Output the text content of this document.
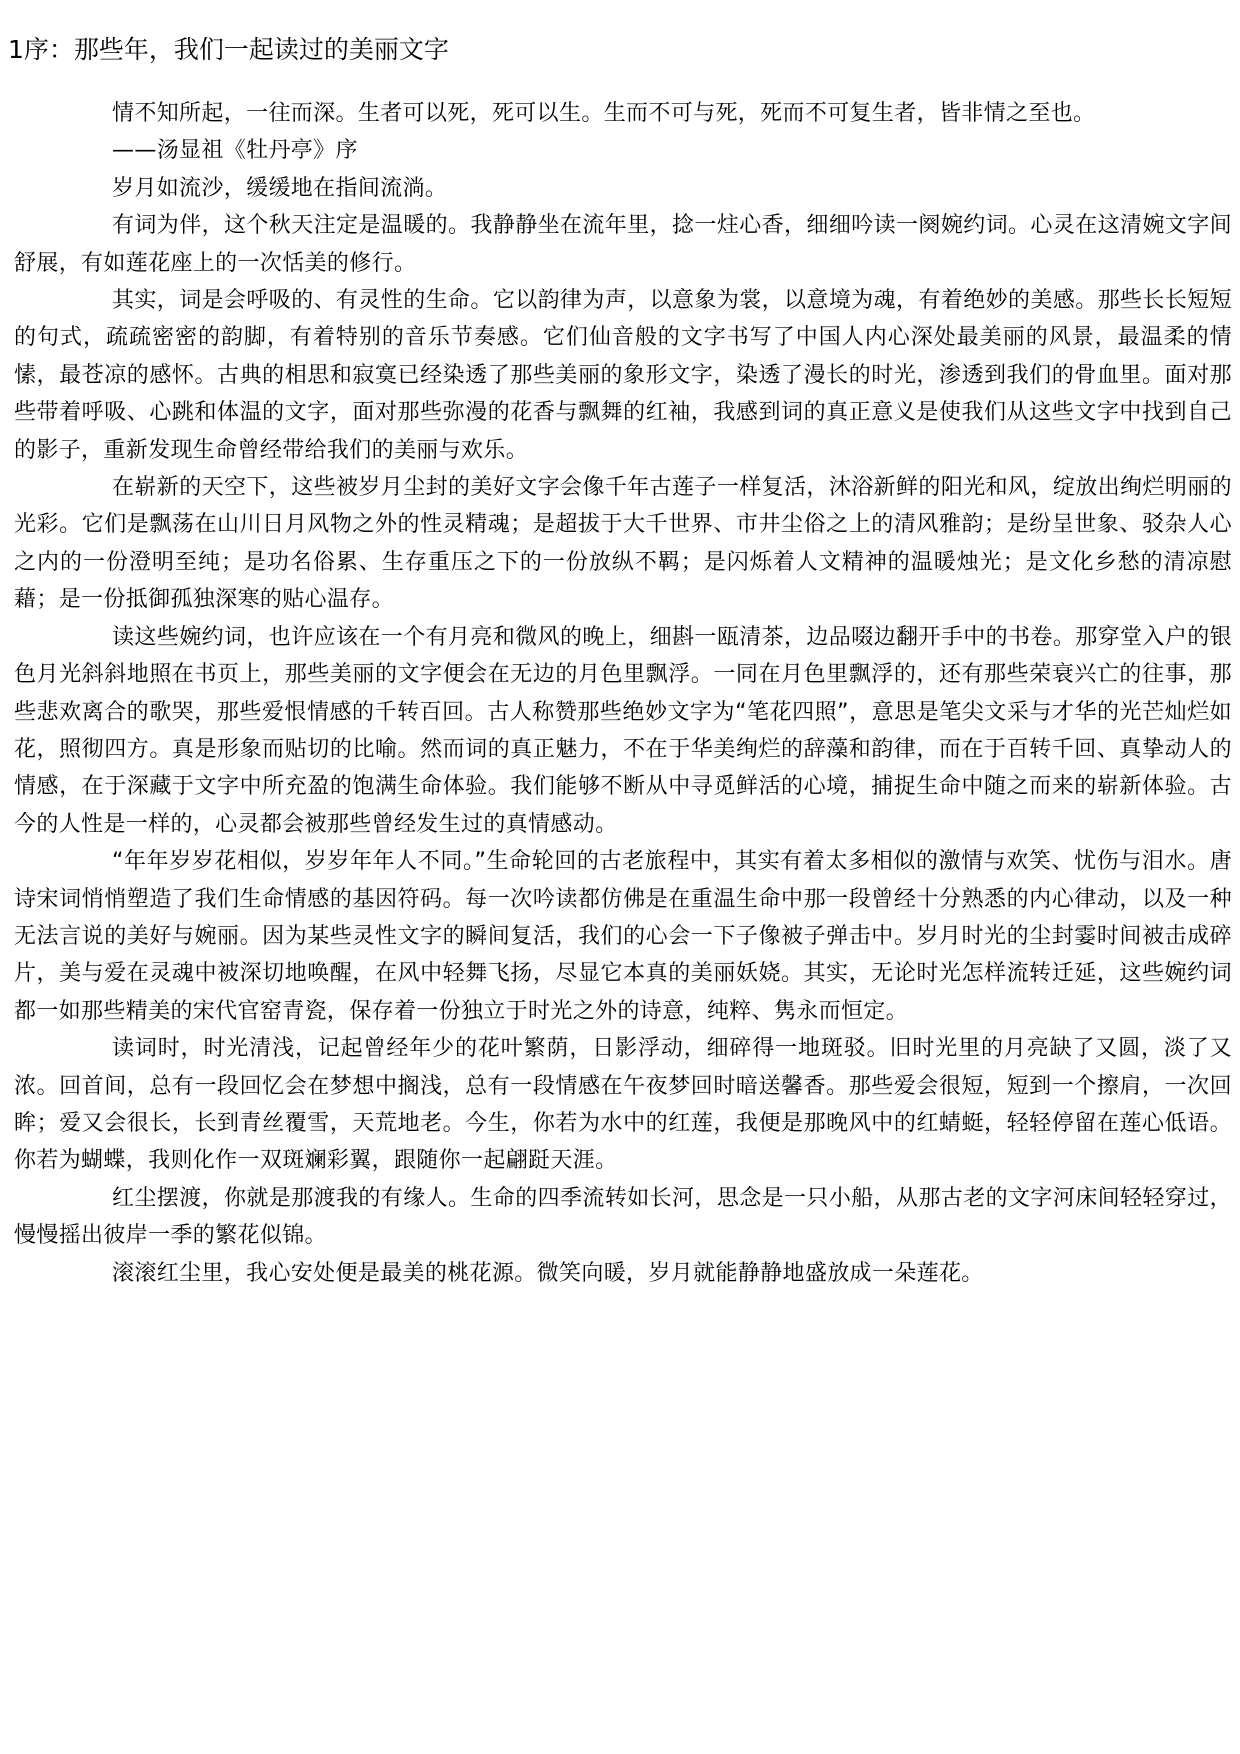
1序：那些年，我们一起读过的美丽文字

情不知所起，一往而深。生者可以死，死可以生。生而不可与死，死而不可复生者，皆非情之至也。

——汤显祖《牡丹亭》序

岁月如流沙，缓缓地在指间流淌。

有词为伴，这个秋天注定是温暖的。我静静坐在流年里，捻一炷心香，细细吟读一阕婉约词。心灵在这清婉文字间舒展，有如莲花座上的一次恬美的修行。

其实，词是会呼吸的、有灵性的生命。它以韵律为声，以意象为裳，以意境为魂，有着绝妙的美感。那些长长短短的句式，疏疏密密的韵脚，有着特别的音乐节奏感。它们仙音般的文字书写了中国人内心深处最美丽的风景，最温柔的情愫，最苍凉的感怀。古典的相思和寂寞已经染透了那些美丽的象形文字，染透了漫长的时光，渗透到我们的骨血里。面对那些带着呼吸、心跳和体温的文字，面对那些弥漫的花香与飘舞的红袖，我感到词的真正意义是使我们从这些文字中找到自己的影子，重新发现生命曾经带给我们的美丽与欢乐。

在崭新的天空下，这些被岁月尘封的美好文字会像千年古莲子一样复活，沐浴新鲜的阳光和风，绽放出绚烂明丽的光彩。它们是飘荡在山川日月风物之外的性灵精魂；是超拔于大千世界、市井尘俗之上的清风雅韵；是纷呈世象、驳杂人心之内的一份澄明至纯；是功名俗累、生存重压之下的一份放纵不羁；是闪烁着人文精神的温暖烛光；是文化乡愁的清凉慰藉；是一份抵御孤独深寒的贴心温存。

读这些婉约词，也许应该在一个有月亮和微风的晚上，细斟一瓯清茶，边品啜边翻开手中的书卷。那穿堂入户的银色月光斜斜地照在书页上，那些美丽的文字便会在无边的月色里飘浮。一同在月色里飘浮的，还有那些荣衰兴亡的往事，那些悲欢离合的歌哭，那些爱恨情感的千转百回。古人称赞那些绝妙文字为“笔花四照”，意思是笔尖文采与才华的光芒灿烂如花，照彻四方。真是形象而贴切的比喻。然而词的真正魅力，不在于华美绚烂的辞藻和韵律，而在于百转千回、真挚动人的情感，在于深藏于文字中所充盈的饱满生命体验。我们能够不断从中寻觅鲜活的心境，捕捉生命中随之而来的崭新体验。古今的人性是一样的，心灵都会被那些曾经发生过的真情感动。

“年年岁岁花相似，岁岁年年人不同。”生命轮回的古老旅程中，其实有着太多相似的激情与欢笑、忧伤与泪水。唐诗宋词悄悄塑造了我们生命情感的基因符码。每一次吟读都仿佛是在重温生命中那一段曾经十分熟悉的内心律动，以及一种无法言说的美好与婉丽。因为某些灵性文字的瞬间复活，我们的心会一下子像被子弹击中。岁月时光的尘封霎时间被击成碎片，美与爱在灵魂中被深切地唤醒，在风中轻舞飞扬，尽显它本真的美丽妖娆。其实，无论时光怎样流转迁延，这些婉约词都一如那些精美的宋代官窑青瓷，保存着一份独立于时光之外的诗意，纯粹、隽永而恒定。

读词时，时光清浅，记起曾经年少的花叶繁荫，日影浮动，细碎得一地斑驳。旧时光里的月亮缺了又圆，淡了又浓。回首间，总有一段回忆会在梦想中搁浅，总有一段情感在午夜梦回时暗送馨香。那些爱会很短，短到一个擦肩，一次回眸；爱又会很长，长到青丝覆雪，天荒地老。今生，你若为水中的红莲，我便是那晚风中的红蜻蜓，轻轻停留在莲心低语。你若为蝴蝶，我则化作一双斑斓彩翼，跟随你一起翩跹天涯。

红尘摆渡，你就是那渡我的有缘人。生命的四季流转如长河，思念是一只小船，从那古老的文字河床间轻轻穿过，慢慢摇出彼岸一季的繁花似锦。

滚滚红尘里，我心安处便是最美的桃花源。微笑向暖，岁月就能静静地盛放成一朵莲花。
